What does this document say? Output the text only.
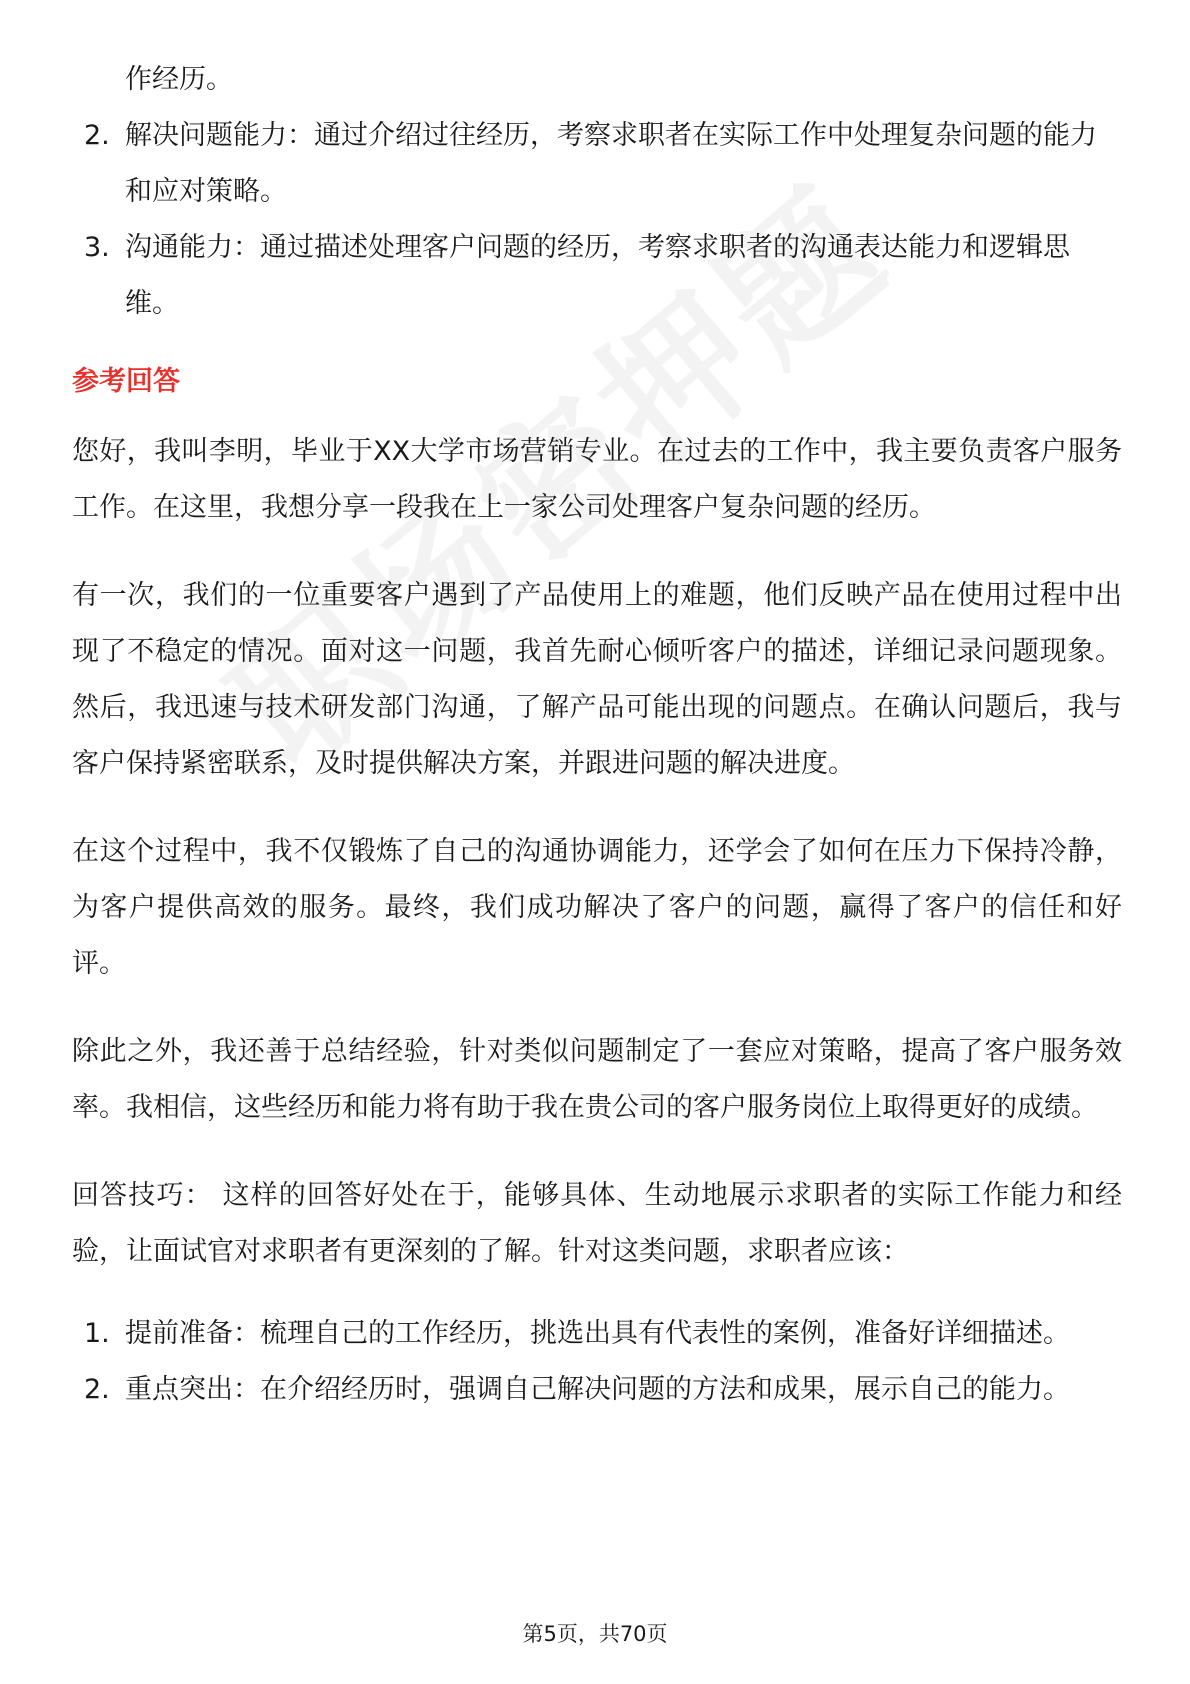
作经历。
2. 解决问题能力：通过介绍过往经历，考察求职者在实际工作中处理复杂问题的能力和应对策略。
3. 沟通能力：通过描述处理客户问题的经历，考察求职者的沟通表达能力和逻辑思维。
参考回答

您好，我叫李明，毕业于XX大学市场营销专业。在过去的工作中，我主要负责客户服务工作。在这里，我想分享一段我在上一家公司处理客户复杂问题的经历。

有一次，我们的一位重要客户遇到了产品使用上的难题，他们反映产品在使用过程中出现了不稳定的情况。面对这一问题，我首先耐心倾听客户的描述，详细记录问题现象。然后，我迅速与技术研发部门沟通，了解产品可能出现的问题点。在确认问题后，我与客户保持紧密联系，及时提供解决方案，并跟进问题的解决进度。

在这个过程中，我不仅锻炼了自己的沟通协调能力，还学会了如何在压力下保持冷静，为客户提供高效的服务。最终，我们成功解决了客户的问题，赢得了客户的信任和好评。

除此之外，我还善于总结经验，针对类似问题制定了一套应对策略，提高了客户服务效率。我相信，这些经历和能力将有助于我在贵公司的客户服务岗位上取得更好的成绩。

回答技巧： 这样的回答好处在于，能够具体、生动地展示求职者的实际工作能力和经验，让面试官对求职者有更深刻的了解。针对这类问题，求职者应该：

1. 提前准备：梳理自己的工作经历，挑选出具有代表性的案例，准备好详细描述。
2. 重点突出：在介绍经历时，强调自己解决问题的方法和成果，展示自己的能力。
第5页，共70页
